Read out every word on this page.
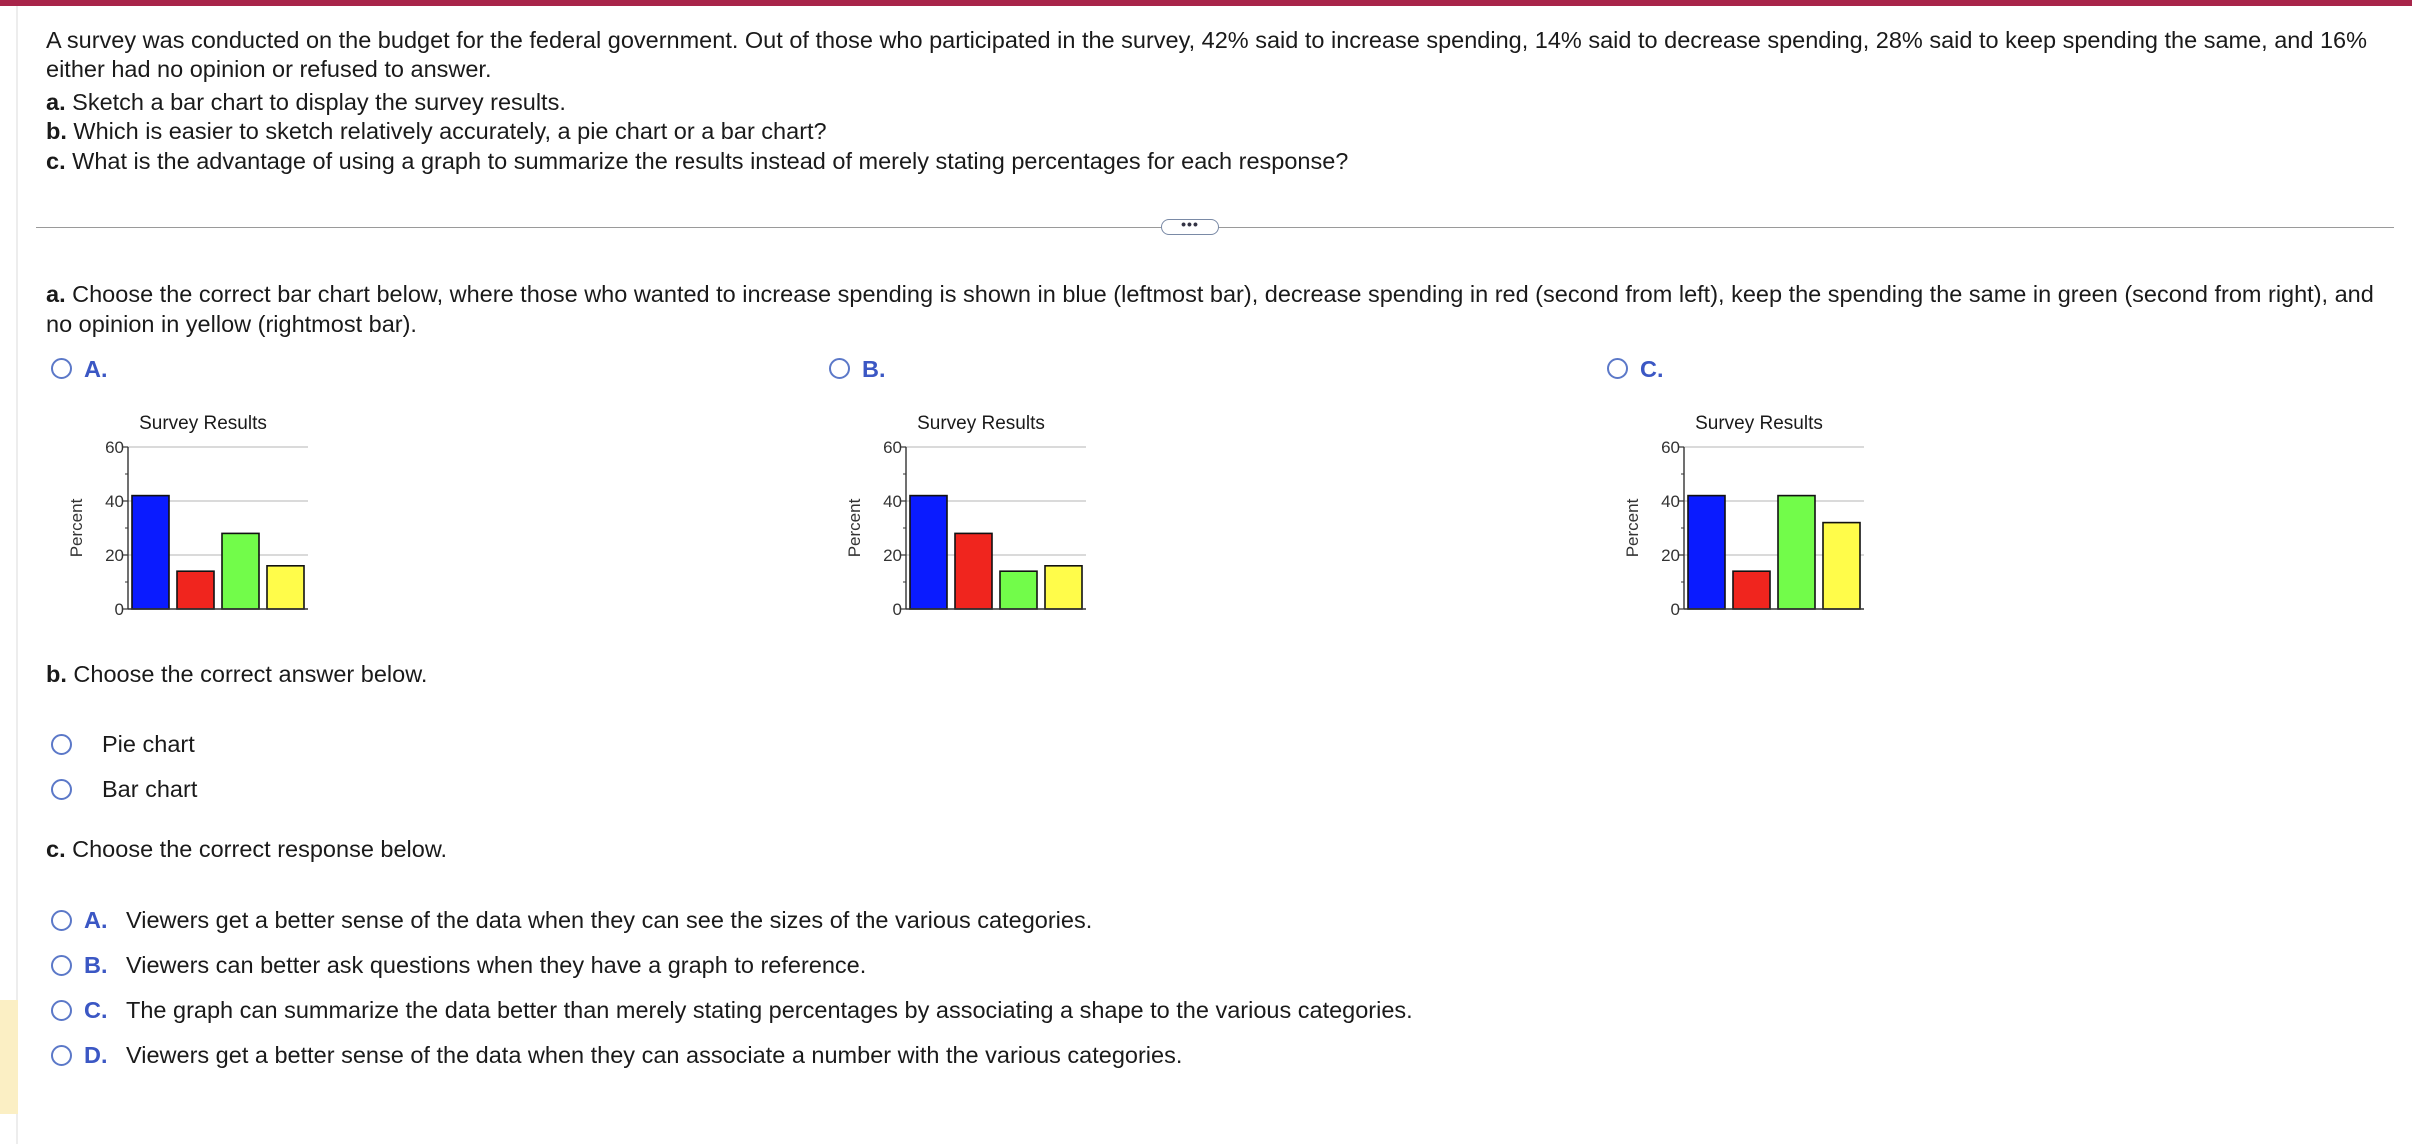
A survey was conducted on the budget for the federal government. Out of those who participated in the survey, 42% said to increase spending, 14% said to decrease spending, 28% said to keep spending the same, and 16%
either had no opinion or refused to answer.
a. Sketch a bar chart to display the survey results.
b. Which is easier to sketch relatively accurately, a pie chart or a bar chart?
c. What is the advantage of using a graph to summarize the results instead of merely stating percentages for each response?
•••
a. Choose the correct bar chart below, where those who wanted to increase spending is shown in blue (leftmost bar), decrease spending in red (second from left), keep the spending the same in green (second from right), and
no opinion in yellow (rightmost bar).
A.	B.	C.
Survey Results
0
20
40
60
Percent
Survey Results
0
20
40
60
Percent
Survey Results
0
20
40
60
Percent
b. Choose the correct answer below.
Pie chart
Bar chart
c. Choose the correct response below.
A. Viewers get a better sense of the data when they can see the sizes of the various categories.
B. Viewers can better ask questions when they have a graph to reference.
C. The graph can summarize the data better than merely stating percentages by associating a shape to the various categories.
D. Viewers get a better sense of the data when they can associate a number with the various categories.
